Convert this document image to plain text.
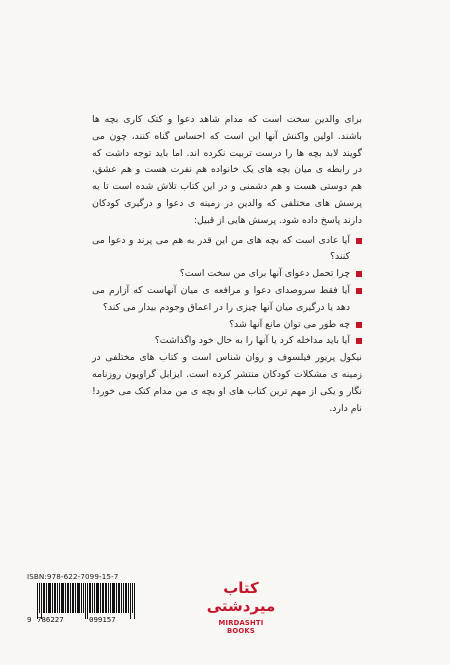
برای والدین سخت است که مدام شاهد دعوا و کتک کاری بچه ها باشند. اولین واکنش آنها این است که احساس گناه کنند، چون می گویند لابد بچه ها را درست تربیت نکرده اند. اما باید توجه داشت که در رابطه ی میان بچه های یک خانواده هم نفرت هست و هم عشق، هم دوستی هست و هم دشمنی و در این کتاب تلاش شده است تا به پرسش های مختلفی که والدین در زمینه ی دعوا و درگیری کودکان دارند پاسخ داده شود. پرسش هایی از قبیل:

آیا عادی است که بچه های من این قدر به هم می پرند و دعوا می کنند؟

چرا تحمل دعوای آنها برای من سخت است؟

آیا فقط سروصدای دعوا و مرافعه ی میان آنهاست که آزارم می دهد یا درگیری میان آنها چیزی را در اعماق وجودم بیدار می کند؟

چه طور می توان مانع آنها شد؟

آیا باید مداخله کرد یا آنها را به حال خود واگذاشت؟

نیکول پریور فیلسوف و روان شناس است و کتاب های مختلفی در زمینه ی مشکلات کودکان منتشر کرده است. ایزابل گراویون روزنامه نگار و یکی از مهم ترین کتاب های او بچه ی من مدام کتک می خورد! نام دارد.

ISBN:978-622-7099-15-7
9 786227	099157
کتاب میردشتی
MIRDASHTI BOOKS
